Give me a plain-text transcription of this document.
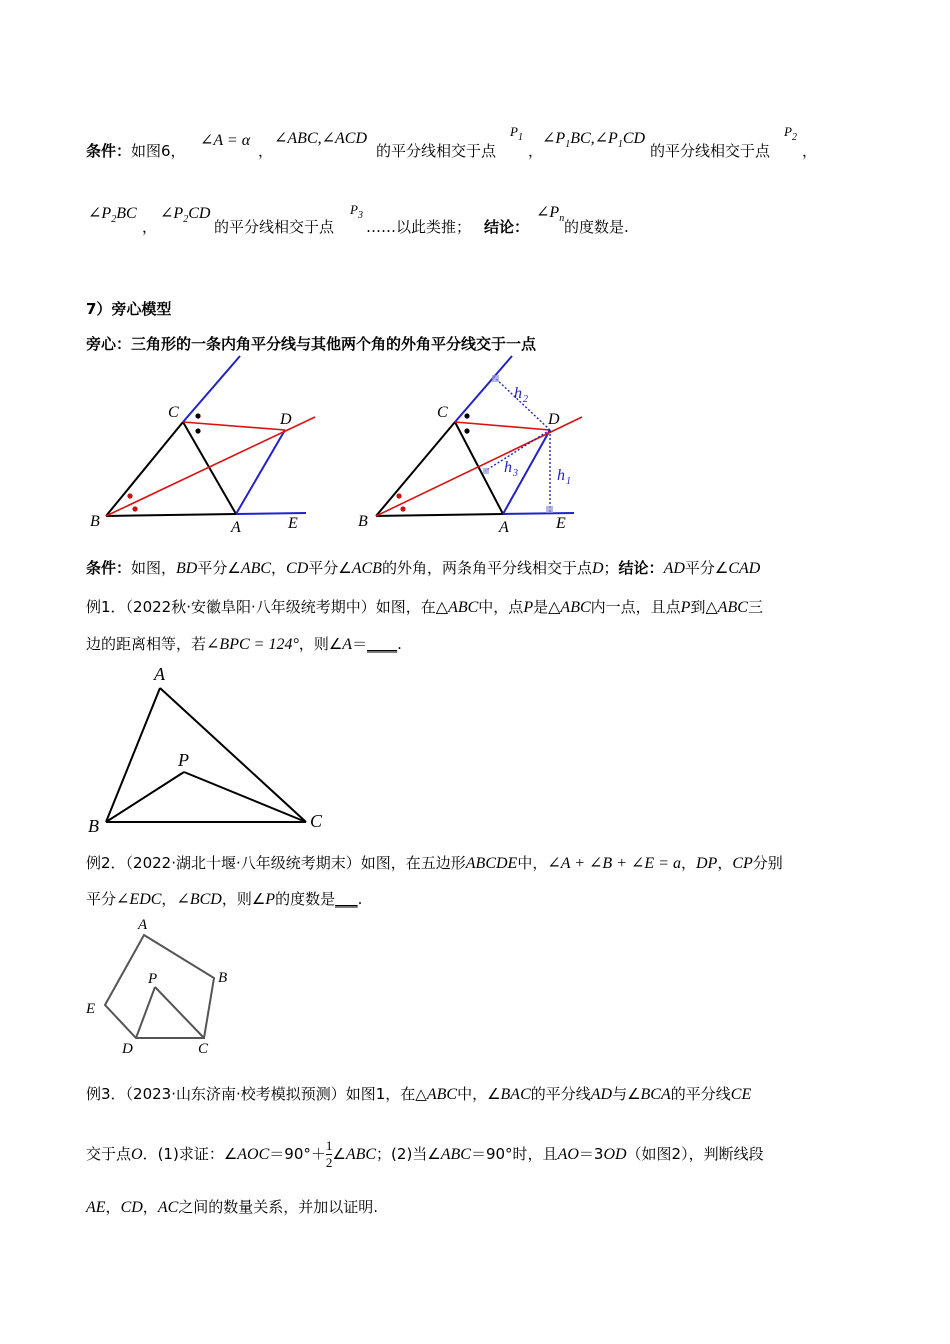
条件：如图6，
∠A = α
，
∠ABC,∠ACD
的平分线相交于点
$P_1$
，
$\angle P_1BC,\angle P_1CD$
的平分线相交于点
$P_2$
，
$\angle P_2BC$
，
$\angle P_2CD$
的平分线相交于点
$P_3$
……以此类推； 结论：
$\angle P_n$ 的度数是.
7）旁心模型
旁心：三角形的一条内角平分线与其他两个角的外角平分线交于一点
C	D
B	A	E
C	D
B	A	E
h 2
h 3 h 1
条件：如图，BD平分∠ABC，CD平分∠ACB的外角，两条角平分线相交于点D；结论：AD平分∠CAD
例1．（2022秋·安徽阜阳·八年级统考期中）如图，在△ABC中，点P是△ABC内一点，且点P到△ABC三
边的距离相等，若∠BPC = 124°，则∠A＝____.
A
P
B	C
例2．（2022·湖北十堰·八年级统考期末）如图，在五边形ABCDE中，∠A + ∠B + ∠E = a，DP，CP分别
平分∠EDC，∠BCD，则∠P的度数是___.
A
B
P
E
D	C
例3．（2023·山东济南·校考模拟预测）如图1，在△ABC中，∠BAC的平分线AD与∠BCA的平分线CE
交于点O．(1)求证：∠AOC＝90°＋ $\frac{1}{2}$ ∠ABC；(2)当∠ABC＝90°时，且AO＝3OD（如图2），判断线段
AE，CD，AC之间的数量关系，并加以证明.
